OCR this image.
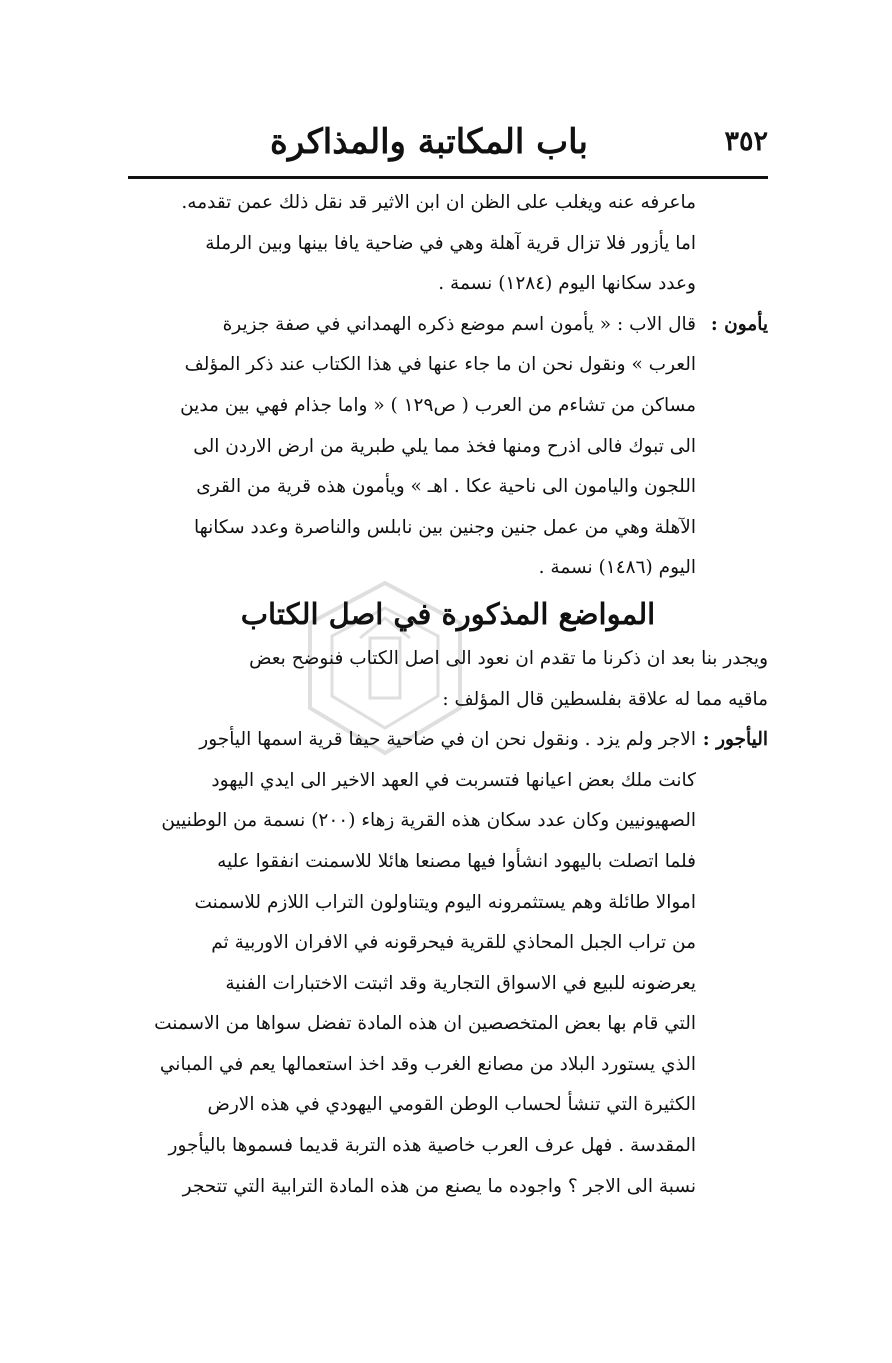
٣٥٢
باب المكاتبة والمذاكرة
ماعرفه عنه ويغلب على الظن ان ابن الاثير قد نقل ذلك عمن تقدمه.
اما يأزور فلا تزال قرية آهلة وهي في ضاحية يافا بينها وبين الرملة
وعدد سكانها اليوم (١٢٨٤) نسمة .
يأمون :قال الاب : « يأمون اسم موضع ذكره الهمداني في صفة جزيرة
العرب » ونقول نحن ان ما جاء عنها في هذا الكتاب عند ذكر المؤلف
مساكن من تشاءم من العرب ( ص١٢٩ ) « واما جذام فهي بين مدين
الى تبوك فالى اذرح ومنها فخذ مما يلي طبرية من ارض الاردن الى
اللجون واليامون الى ناحية عكا . اهـ » ويأمون هذه قرية من القرى
الآهلة وهي من عمل جنين وجنين بين نابلس والناصرة وعدد سكانها
اليوم (١٤٨٦) نسمة .
المواضع المذكورة في اصل الكتاب
ويجدر بنا بعد ان ذكرنا ما تقدم ان نعود الى اصل الكتاب فنوضح بعض
ماقيه مما له علاقة بفلسطين قال المؤلف :
اليأجور :الاجر ولم يزد . ونقول نحن ان في ضاحية حيفا قرية اسمها اليأجور
كانت ملك بعض اعيانها فتسربت في العهد الاخير الى ايدي اليهود
الصهيونيين وكان عدد سكان هذه القرية زهاء (٢٠٠) نسمة من الوطنيين
فلما اتصلت باليهود انشأوا فيها مصنعا هائلا للاسمنت انفقوا عليه
اموالا طائلة وهم يستثمرونه اليوم ويتناولون التراب اللازم للاسمنت
من تراب الجبل المحاذي للقرية فيحرقونه في الافران الاوربية ثم
يعرضونه للبيع في الاسواق التجارية وقد اثبتت الاختبارات الفنية
التي قام بها بعض المتخصصين ان هذه المادة تفضل سواها من الاسمنت
الذي يستورد البلاد من مصانع الغرب وقد اخذ استعمالها يعم في المباني
الكثيرة التي تنشأ لحساب الوطن القومي اليهودي في هذه الارض
المقدسة . فهل عرف العرب خاصية هذه التربة قديما فسموها باليأجور
نسبة الى الاجر ؟ واجوده ما يصنع من هذه المادة الترابية التي تتحجر
